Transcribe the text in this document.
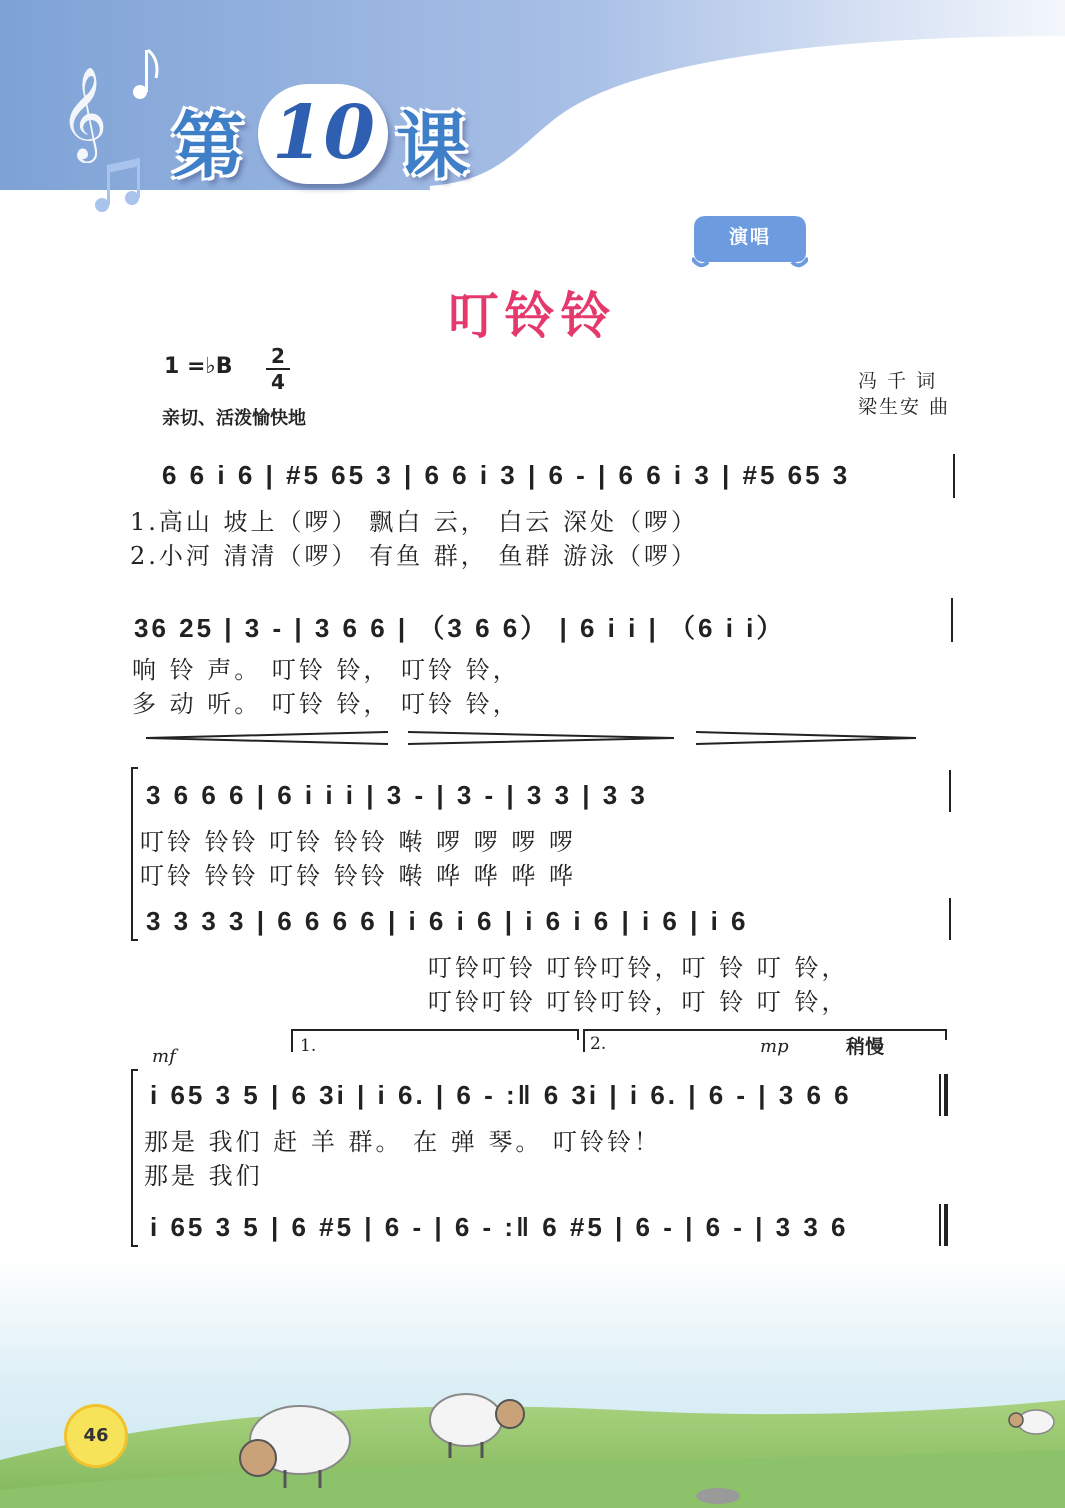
𝄞 第 10 课
演唱
叮铃铃
1 =♭B 2
4
亲切、活泼愉快地
冯 千 词
梁生安 曲
6 6 i 6 | #5 65 3 | 6 6 i 3 | 6 - | 6 6 i 3 | #5 65 3
1.高山 坡上（啰） 飘白 云， 白云 深处（啰）
2.小河 清清（啰） 有鱼 群， 鱼群 游泳（啰）
36 25 | 3 - | 3 6 6 | （3 6 6） | 6 i i | （6 i i）
响 铃 声。 叮铃 铃， 叮铃 铃，
多 动 听。 叮铃 铃， 叮铃 铃，
3 6 6 6 | 6 i i i | 3 - | 3 - | 3 3 | 3 3
叮铃 铃铃 叮铃 铃铃 啭 啰 啰 啰 啰
叮铃 铃铃 叮铃 铃铃 啭 哗 哗 哗 哗
3 3 3 3 | 6 6 6 6 | i 6 i 6 | i 6 i 6 | i 6 | i 6
叮铃叮铃 叮铃叮铃，叮 铃 叮 铃，
叮铃叮铃 叮铃叮铃，叮 铃 叮 铃，
mf	1.	2.	mp	稍慢
i 65 3 5 | 6 3i | i 6. | 6 - :‖ 6 3i | i 6. | 6 - | 3 6 6
那是 我们 赶 羊 群。 在 弹 琴。 叮铃铃！
那是 我们
i 65 3 5 | 6 #5 | 6 - | 6 - :‖ 6 #5 | 6 - | 6 - | 3 3 6
46
